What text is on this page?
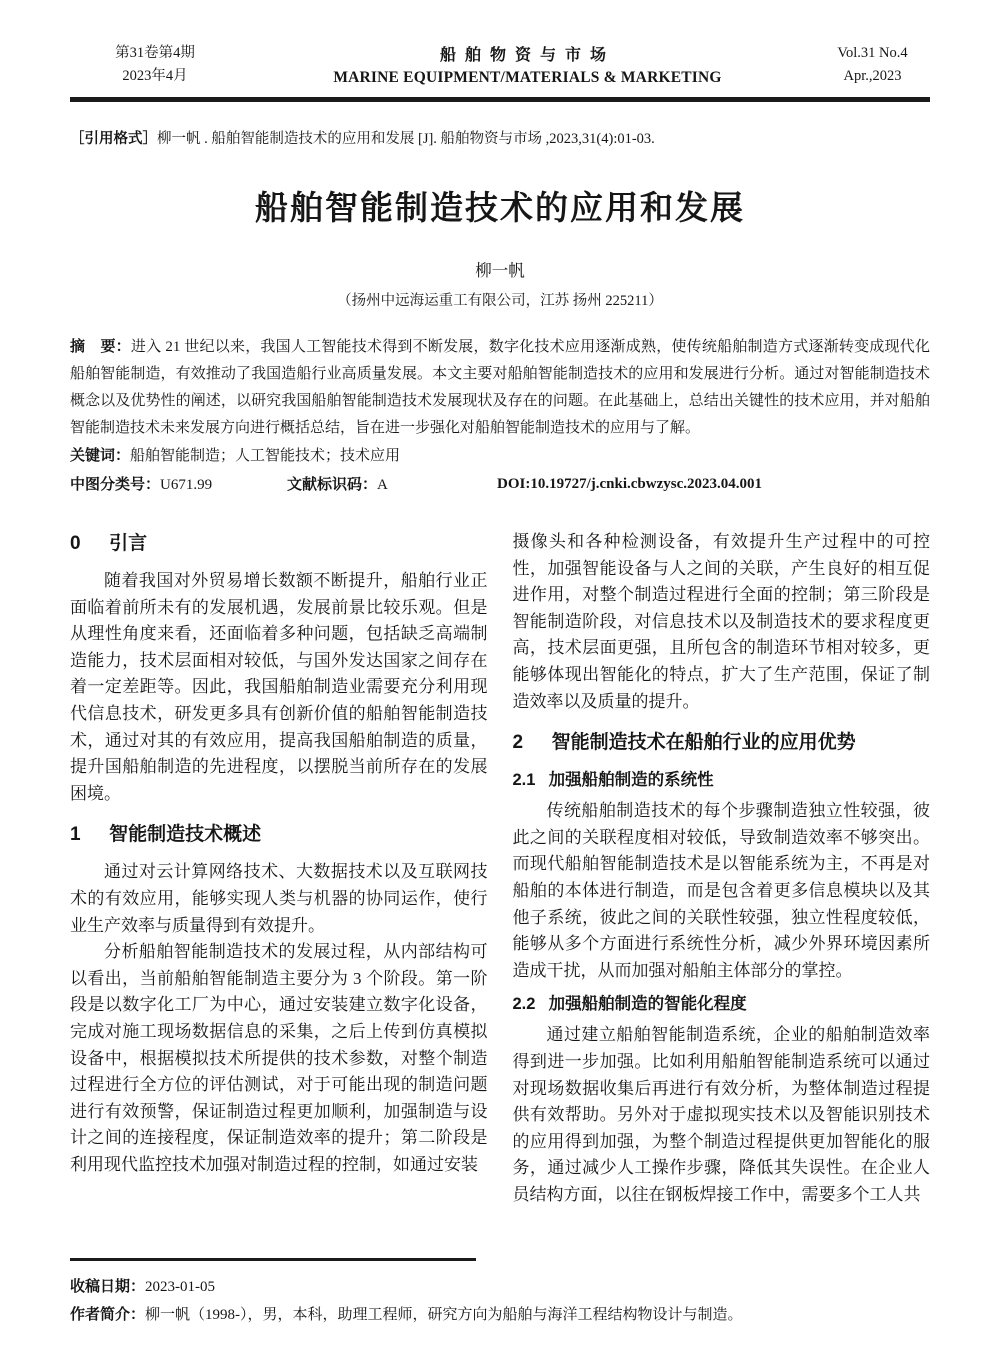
第31卷第4期
2023年4月
船舶物资与市场
MARINE EQUIPMENT/MATERIALS & MARKETING
Vol.31 No.4
Apr.,2023

［引用格式］柳一帆 . 船舶智能制造技术的应用和发展 [J]. 船舶物资与市场 ,2023,31(4):01-03.

船舶智能制造技术的应用和发展
柳一帆
（扬州中远海运重工有限公司，江苏 扬州 225211）
摘　要：进入 21 世纪以来，我国人工智能技术得到不断发展，数字化技术应用逐渐成熟，使传统船舶制造方式逐渐转变成现代化船舶智能制造，有效推动了我国造船行业高质量发展。本文主要对船舶智能制造技术的应用和发展进行分析。通过对智能制造技术概念以及优势性的阐述，以研究我国船舶智能制造技术发展现状及存在的问题。在此基础上，总结出关键性的技术应用，并对船舶智能制造技术未来发展方向进行概括总结，旨在进一步强化对船舶智能制造技术的应用与了解。
关键词：船舶智能制造；人工智能技术；技术应用
中图分类号：U671.99	文献标识码：A	DOI:10.19727/j.cnki.cbwzysc.2023.04.001
0 引言

随着我国对外贸易增长数额不断提升，船舶行业正面临着前所未有的发展机遇，发展前景比较乐观。但是从理性角度来看，还面临着多种问题，包括缺乏高端制造能力，技术层面相对较低，与国外发达国家之间存在着一定差距等。因此，我国船舶制造业需要充分利用现代信息技术，研发更多具有创新价值的船舶智能制造技术，通过对其的有效应用，提高我国船舶制造的质量，提升国船舶制造的先进程度，以摆脱当前所存在的发展困境。

1 智能制造技术概述

通过对云计算网络技术、大数据技术以及互联网技术的有效应用，能够实现人类与机器的协同运作，使行业生产效率与质量得到有效提升。

分析船舶智能制造技术的发展过程，从内部结构可以看出，当前船舶智能制造主要分为 3 个阶段。第一阶段是以数字化工厂为中心，通过安装建立数字化设备，完成对施工现场数据信息的采集，之后上传到仿真模拟设备中，根据模拟技术所提供的技术参数，对整个制造过程进行全方位的评估测试，对于可能出现的制造问题进行有效预警，保证制造过程更加顺利，加强制造与设计之间的连接程度，保证制造效率的提升；第二阶段是利用现代监控技术加强对制造过程的控制，如通过安装

摄像头和各种检测设备，有效提升生产过程中的可控性，加强智能设备与人之间的关联，产生良好的相互促进作用，对整个制造过程进行全面的控制；第三阶段是智能制造阶段，对信息技术以及制造技术的要求程度更高，技术层面更强，且所包含的制造环节相对较多，更能够体现出智能化的特点，扩大了生产范围，保证了制造效率以及质量的提升。

2 智能制造技术在船舶行业的应用优势
2.1 加强船舶制造的系统性

传统船舶制造技术的每个步骤制造独立性较强，彼此之间的关联程度相对较低，导致制造效率不够突出。而现代船舶智能制造技术是以智能系统为主，不再是对船舶的本体进行制造，而是包含着更多信息模块以及其他子系统，彼此之间的关联性较强，独立性程度较低，能够从多个方面进行系统性分析，减少外界环境因素所造成干扰，从而加强对船舶主体部分的掌控。

2.2 加强船舶制造的智能化程度

通过建立船舶智能制造系统，企业的船舶制造效率得到进一步加强。比如利用船舶智能制造系统可以通过对现场数据收集后再进行有效分析，为整体制造过程提供有效帮助。另外对于虚拟现实技术以及智能识别技术的应用得到加强，为整个制造过程提供更加智能化的服务，通过减少人工操作步骤，降低其失误性。在企业人员结构方面，以往在钢板焊接工作中，需要多个工人共

收稿日期：2023-01-05

作者简介：柳一帆（1998-），男，本科，助理工程师，研究方向为船舶与海洋工程结构物设计与制造。
